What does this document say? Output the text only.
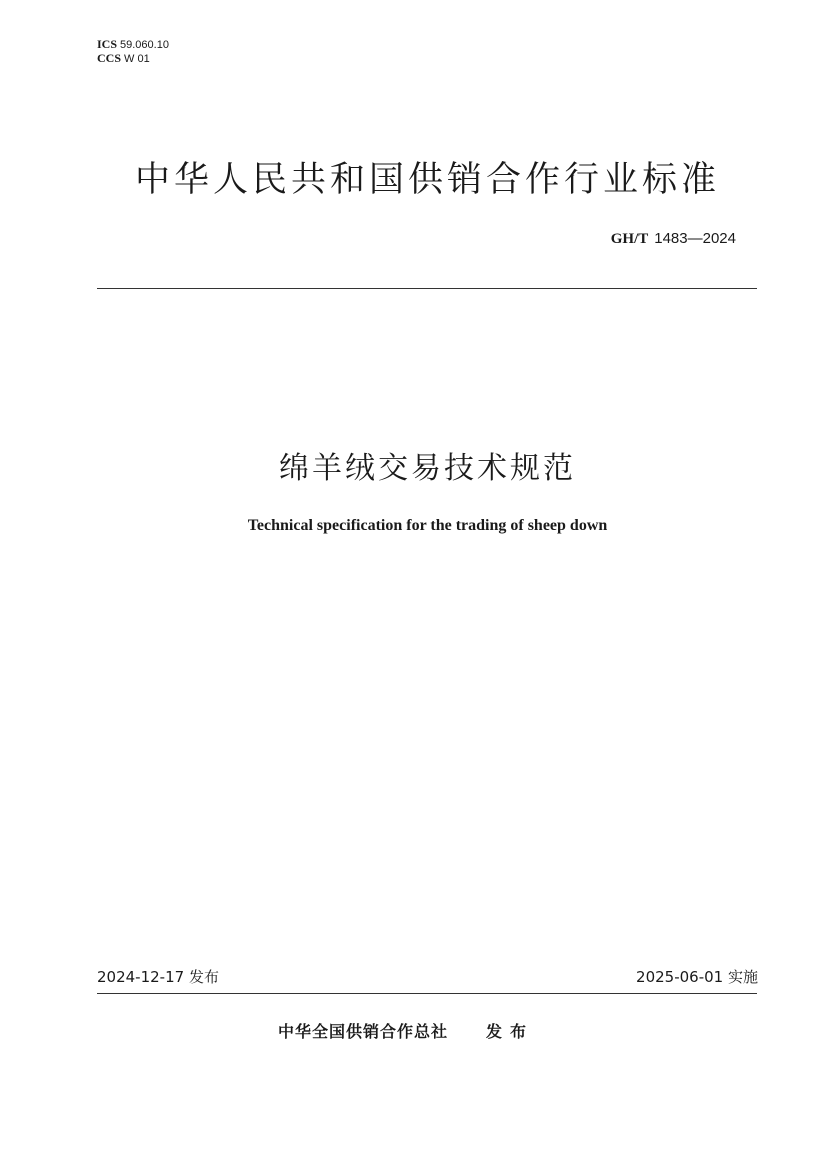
ICS 59.060.10
CCS W 01
中华人民共和国供销合作行业标准
GH/T 1483—2024
绵羊绒交易技术规范
Technical specification for the trading of sheep down
2024-12-17 发布	2025-06-01 实施
中华全国供销合作总社 发布
